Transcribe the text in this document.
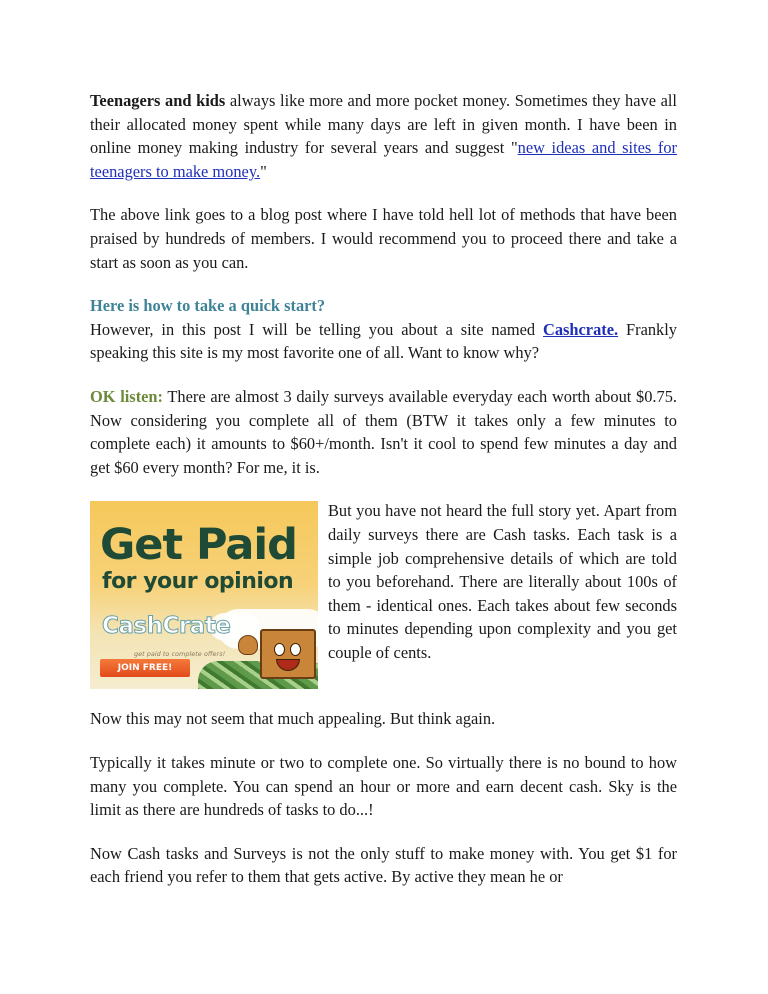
Teenagers and kids always like more and more pocket money. Sometimes they have all their allocated money spent while many days are left in given month. I have been in online money making industry for several years and suggest "new ideas and sites for teenagers to make money."

The above link goes to a blog post where I have told hell lot of methods that have been praised by hundreds of members. I would recommend you to proceed there and take a start as soon as you can.

Here is how to take a quick start?
However, in this post I will be telling you about a site named Cashcrate. Frankly speaking this site is my most favorite one of all. Want to know why?

OK listen: There are almost 3 daily surveys available everyday each worth about $0.75. Now considering you complete all of them (BTW it takes only a few minutes to complete each) it amounts to $60+/month. Isn't it cool to spend few minutes a day and get $60 every month? For me, it is.

Get Paid
for your opinion
CashCrate
get paid to complete offers!
JOIN FREE!
But you have not heard the full story yet. Apart from daily surveys there are Cash tasks. Each task is a simple job comprehensive details of which are told to you beforehand. There are literally about 100s of them - identical ones. Each takes about few seconds to minutes depending upon complexity and you get couple of cents.

Now this may not seem that much appealing. But think again.

Typically it takes minute or two to complete one. So virtually there is no bound to how many you complete. You can spend an hour or more and earn decent cash. Sky is the limit as there are hundreds of tasks to do...!

Now Cash tasks and Surveys is not the only stuff to make money with. You get $1 for each friend you refer to them that gets active. By active they mean he or
